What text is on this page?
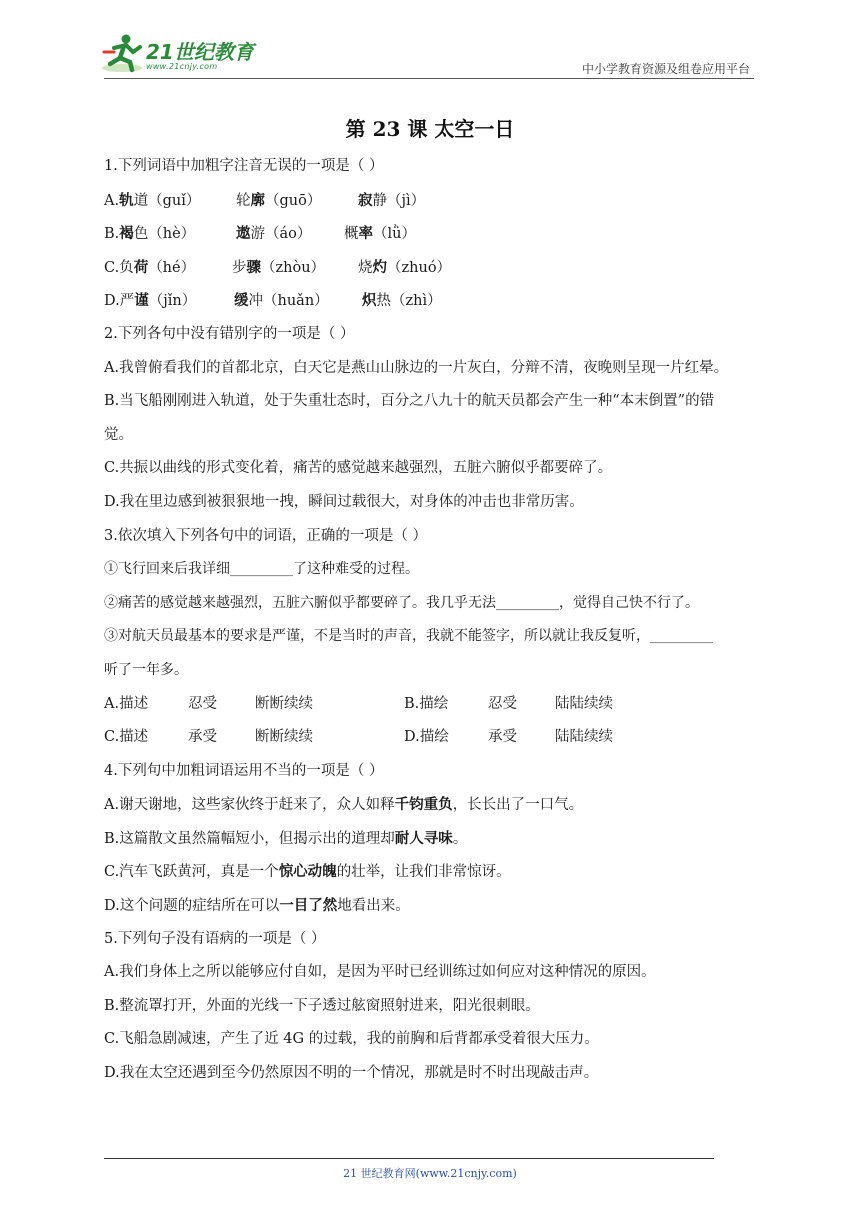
21世纪教育
www.21cnjy.com	中小学教育资源及组卷应用平台
第 23 课 太空一日
1.下列词语中加粗字注音无误的一项是（ ）
A.轨道（guǐ） 轮廓（guō）	寂静（jì）
B.褐色（hè）	遨游（áo） 概率（lǜ）
C.负荷（hé）	步骤（zhòu） 烧灼（zhuó）
D.严谨（jǐn）	缓冲（huǎn） 炽热（zhì）
2.下列各句中没有错别字的一项是（ ）
A.我曾俯看我们的首都北京，白天它是燕山山脉边的一片灰白，分辩不清，夜晚则呈现一片红晕。
B.当飞船刚刚进入轨道，处于失重壮态时，百分之八九十的航天员都会产生一种“本末倒置”的错
觉。
C.共振以曲线的形式变化着，痛苦的感觉越来越强烈，五脏六腑似乎都要碎了。
D.我在里边感到被狠狠地一拽，瞬间过载很大，对身体的冲击也非常历害。
3.依次填入下列各句中的词语，正确的一项是（ ）
①飞行回来后我详细_________了这种难受的过程。
②痛苦的感觉越来越强烈，五脏六腑似乎都要碎了。我几乎无法_________，觉得自己快不行了。
③对航天员最基本的要求是严谨，不是当时的声音，我就不能签字，所以就让我反复听，_________
听了一年多。
A.描述	忍受	断断续续	B.描绘	忍受	陆陆续续
C.描述	承受	断断续续	D.描绘	承受	陆陆续续
4.下列句中加粗词语运用不当的一项是（ ）
A.谢天谢地，这些家伙终于赶来了，众人如释千钧重负，长长出了一口气。
B.这篇散文虽然篇幅短小，但揭示出的道理却耐人寻味。
C.汽车飞跃黄河，真是一个惊心动魄的壮举，让我们非常惊讶。
D.这个问题的症结所在可以一目了然地看出来。
5.下列句子没有语病的一项是（ ）
A.我们身体上之所以能够应付自如，是因为平时已经训练过如何应对这种情况的原因。
B.整流罩打开，外面的光线一下子透过舷窗照射进来，阳光很刺眼。
C.飞船急剧减速，产生了近 4G 的过载，我的前胸和后背都承受着很大压力。
D.我在太空还遇到至今仍然原因不明的一个情况，那就是时不时出现敲击声。
21 世纪教育网(www.21cnjy.com)
